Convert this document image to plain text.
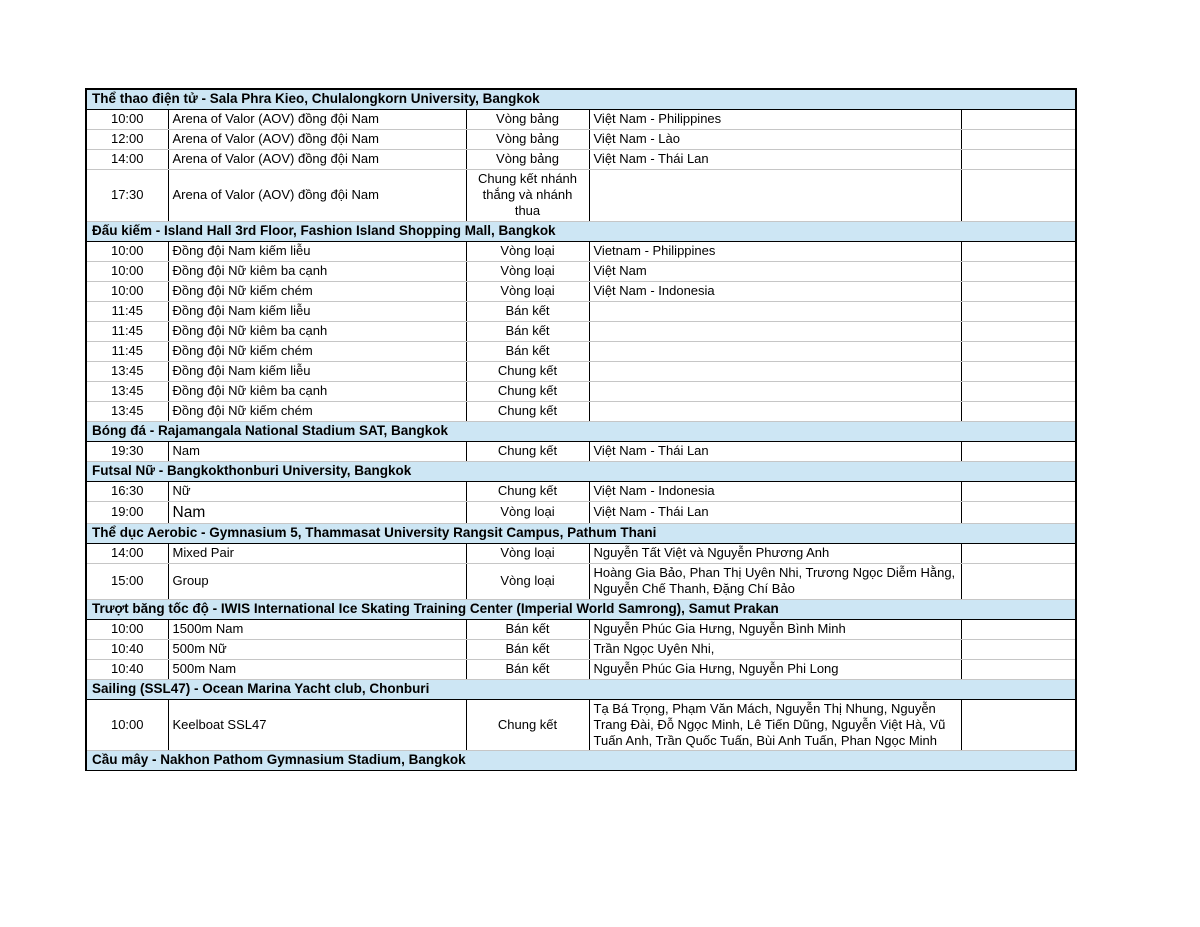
Thể thao điện tử - Sala Phra Kieo, Chulalongkorn University, Bangkok				
10:00	Arena of Valor (AOV) đồng đội Nam	Vòng bảng	Việt Nam - Philippines	
12:00	Arena of Valor (AOV) đồng đội Nam	Vòng bảng	Việt Nam - Lào	
14:00	Arena of Valor (AOV) đồng đội Nam	Vòng bảng	Việt Nam - Thái Lan	
17:30	Arena of Valor (AOV) đồng đội Nam	Chung kết nhánh thắng và nhánh thua		
Đấu kiếm - Island Hall 3rd Floor, Fashion Island Shopping Mall, Bangkok				
10:00	Đồng đội Nam kiếm liễu	Vòng loại	Vietnam - Philippines	
10:00	Đồng đội Nữ kiêm ba cạnh	Vòng loại	Việt Nam	
10:00	Đồng đội Nữ kiếm chém	Vòng loại	Việt Nam - Indonesia	
11:45	Đồng đội Nam kiếm liễu	Bán kết		
11:45	Đồng đội Nữ kiêm ba cạnh	Bán kết		
11:45	Đồng đội Nữ kiếm chém	Bán kết		
13:45	Đồng đội Nam kiếm liễu	Chung kết		
13:45	Đồng đội Nữ kiêm ba cạnh	Chung kết		
13:45	Đồng đội Nữ kiếm chém	Chung kết		
Bóng đá - Rajamangala National Stadium SAT, Bangkok				
19:30	Nam	Chung kết	Việt Nam - Thái Lan	
Futsal Nữ - Bangkokthonburi University, Bangkok				
16:30	Nữ	Chung kết	Việt Nam - Indonesia	
19:00	Nam	Vòng loại	Việt Nam - Thái Lan	
Thể dục Aerobic - Gymnasium 5, Thammasat University Rangsit Campus, Pathum Thani				
14:00	Mixed Pair	Vòng loại	Nguyễn Tất Việt và Nguyễn Phương Anh	
15:00	Group	Vòng loại	Hoàng Gia Bảo, Phan Thị Uyên Nhi, Trương Ngọc Diễm Hằng, Nguyễn Chế Thanh, Đặng Chí Bảo	
Trượt băng tốc độ - IWIS International Ice Skating Training Center (Imperial World Samrong), Samut Prakan				
10:00	1500m Nam	Bán kết	Nguyễn Phúc Gia Hưng, Nguyễn Bình Minh	
10:40	500m Nữ	Bán kết	Trần Ngọc Uyên Nhi,	
10:40	500m Nam	Bán kết	Nguyễn Phúc Gia Hưng, Nguyễn Phi Long	
Sailing (SSL47) - Ocean Marina Yacht club, Chonburi				
10:00	Keelboat SSL47	Chung kết	Tạ Bá Trọng, Phạm Văn Mách, Nguyễn Thị Nhung, Nguyễn Trang Đài, Đỗ Ngọc Minh, Lê Tiến Dũng, Nguyễn Việt Hà, Vũ Tuấn Anh, Trần Quốc Tuấn, Bùi Anh Tuấn, Phan Ngọc Minh	
Cầu mây - Nakhon Pathom Gymnasium Stadium, Bangkok				
